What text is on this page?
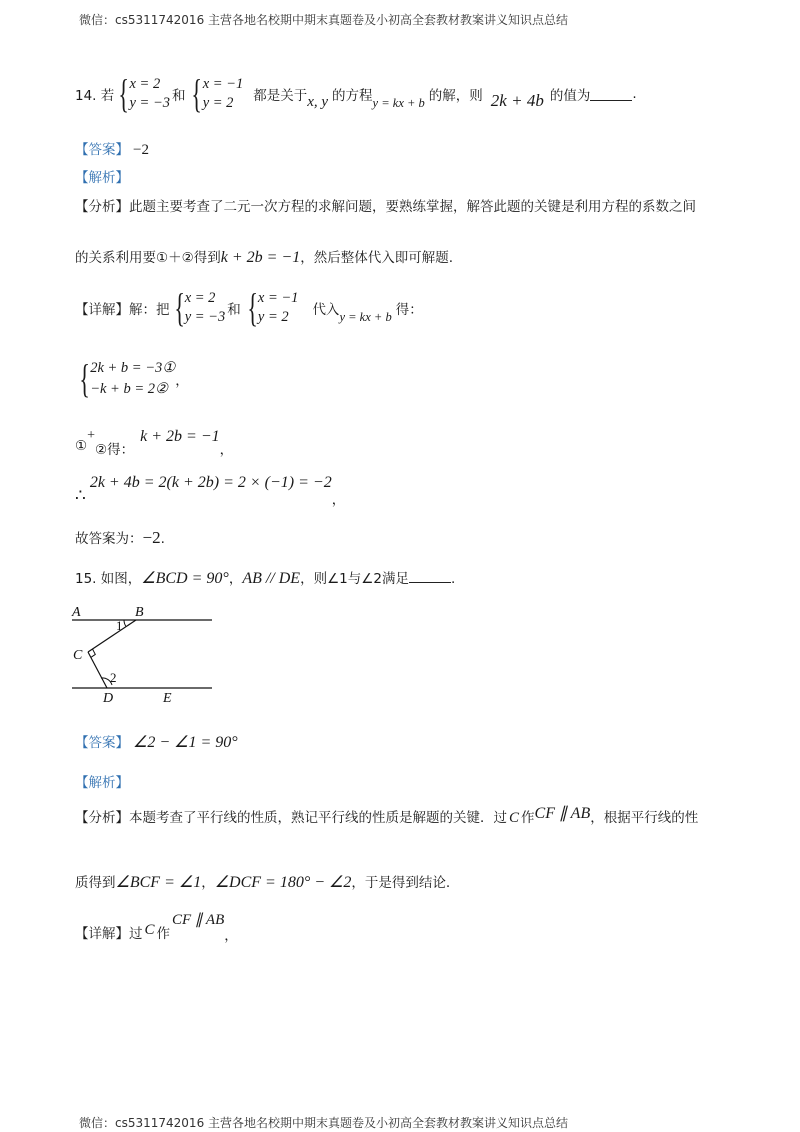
微信：cs5311742016 主营各地名校期中期末真题卷及小初高全套教材教案讲义知识点总结
14. 若 { x = 2
y = −3 和 { x = −1
y = 2	都是关于 x, y 的方程 y = kx + b 的解，则 2k + 4b 的值为	.
【答案】 −2
【解析】
【分析】此题主要考查了二元一次方程的求解问题，要熟练掌握，解答此题的关键是利用方程的系数之间
的关系利用要①＋②得到 k + 2b = −1 ，然后整体代入即可解题.
【详解】 解：把 { x = 2
y = −3 和 { x = −1
y = 2	代入 y = kx + b 得：
{ 2k + b = −3①
−k + b = 2② ，
①
+
②得：
k + 2b = −1
，
∴
2k + 4b = 2(k + 2b) = 2 × (−1) = −2
，
故答案为： −2 .
15. 如图， ∠BCD = 90° ， AB // DE ，则∠1与∠2满足	.
A	B
C
D	E
1
2
【答案】 ∠2 − ∠1 = 90°
【解析】
【分析】 本题考查了平行线的性质，熟记平行线的性质是解题的关键．过 C 作 CF ∥ AB ，根据平行线的性
质得到 ∠BCF = ∠1 ， ∠DCF = 180° − ∠2 ，于是得到结论.
【详解】 过 C 作
CF ∥ AB
，
微信：cs5311742016 主营各地名校期中期末真题卷及小初高全套教材教案讲义知识点总结
